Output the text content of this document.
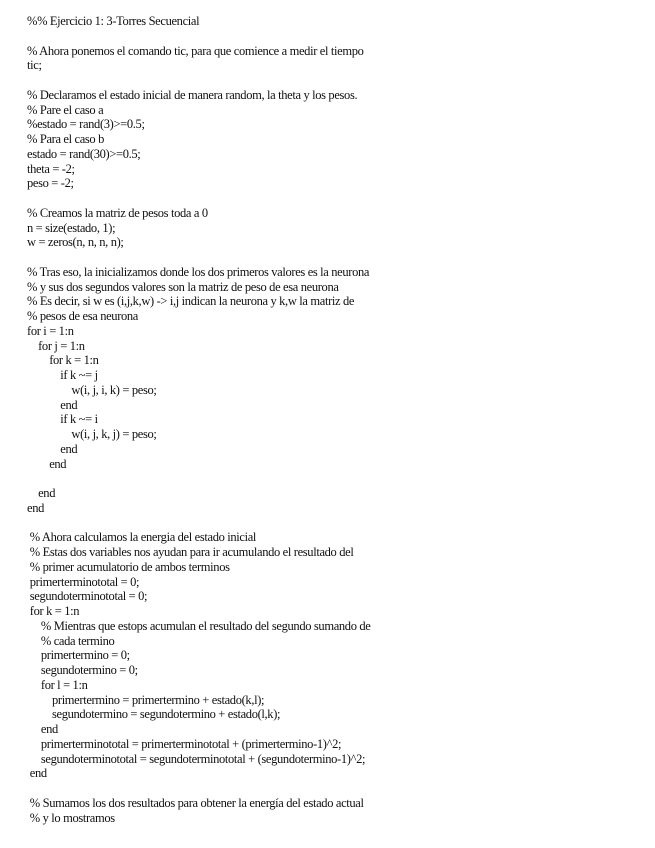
%% Ejercicio 1: 3-Torres Secuencial
% Ahora ponemos el comando tic, para que comience a medir el tiempo
tic;
% Declaramos el estado inicial de manera random, la theta y los pesos.
% Pare el caso a
%estado = rand(3)>=0.5;
% Para el caso b
estado = rand(30)>=0.5;
theta = -2;
peso = -2;
% Creamos la matriz de pesos toda a 0
n = size(estado, 1);
w = zeros(n, n, n, n);
% Tras eso, la inicializamos donde los dos primeros valores es la neurona
% y sus dos segundos valores son la matriz de peso de esa neurona
% Es decir, si w es (i,j,k,w) -> i,j indican la neurona y k,w la matriz de
% pesos de esa neurona
for i = 1:n
for j = 1:n
for k = 1:n
if k ~= j
w(i, j, i, k) = peso;
end
if k ~= i
w(i, j, k, j) = peso;
end
end
end
end
% Ahora calculamos la energia del estado inicial
% Estas dos variables nos ayudan para ir acumulando el resultado del
% primer acumulatorio de ambos terminos
primerterminototal = 0;
segundoterminototal = 0;
for k = 1:n
% Mientras que estops acumulan el resultado del segundo sumando de
% cada termino
primertermino = 0;
segundotermino = 0;
for l = 1:n
primertermino = primertermino + estado(k,l);
segundotermino = segundotermino + estado(l,k);
end
primerterminototal = primerterminototal + (primertermino-1)^2;
segundoterminototal = segundoterminototal + (segundotermino-1)^2;
end
% Sumamos los dos resultados para obtener la energía del estado actual
% y lo mostramos
